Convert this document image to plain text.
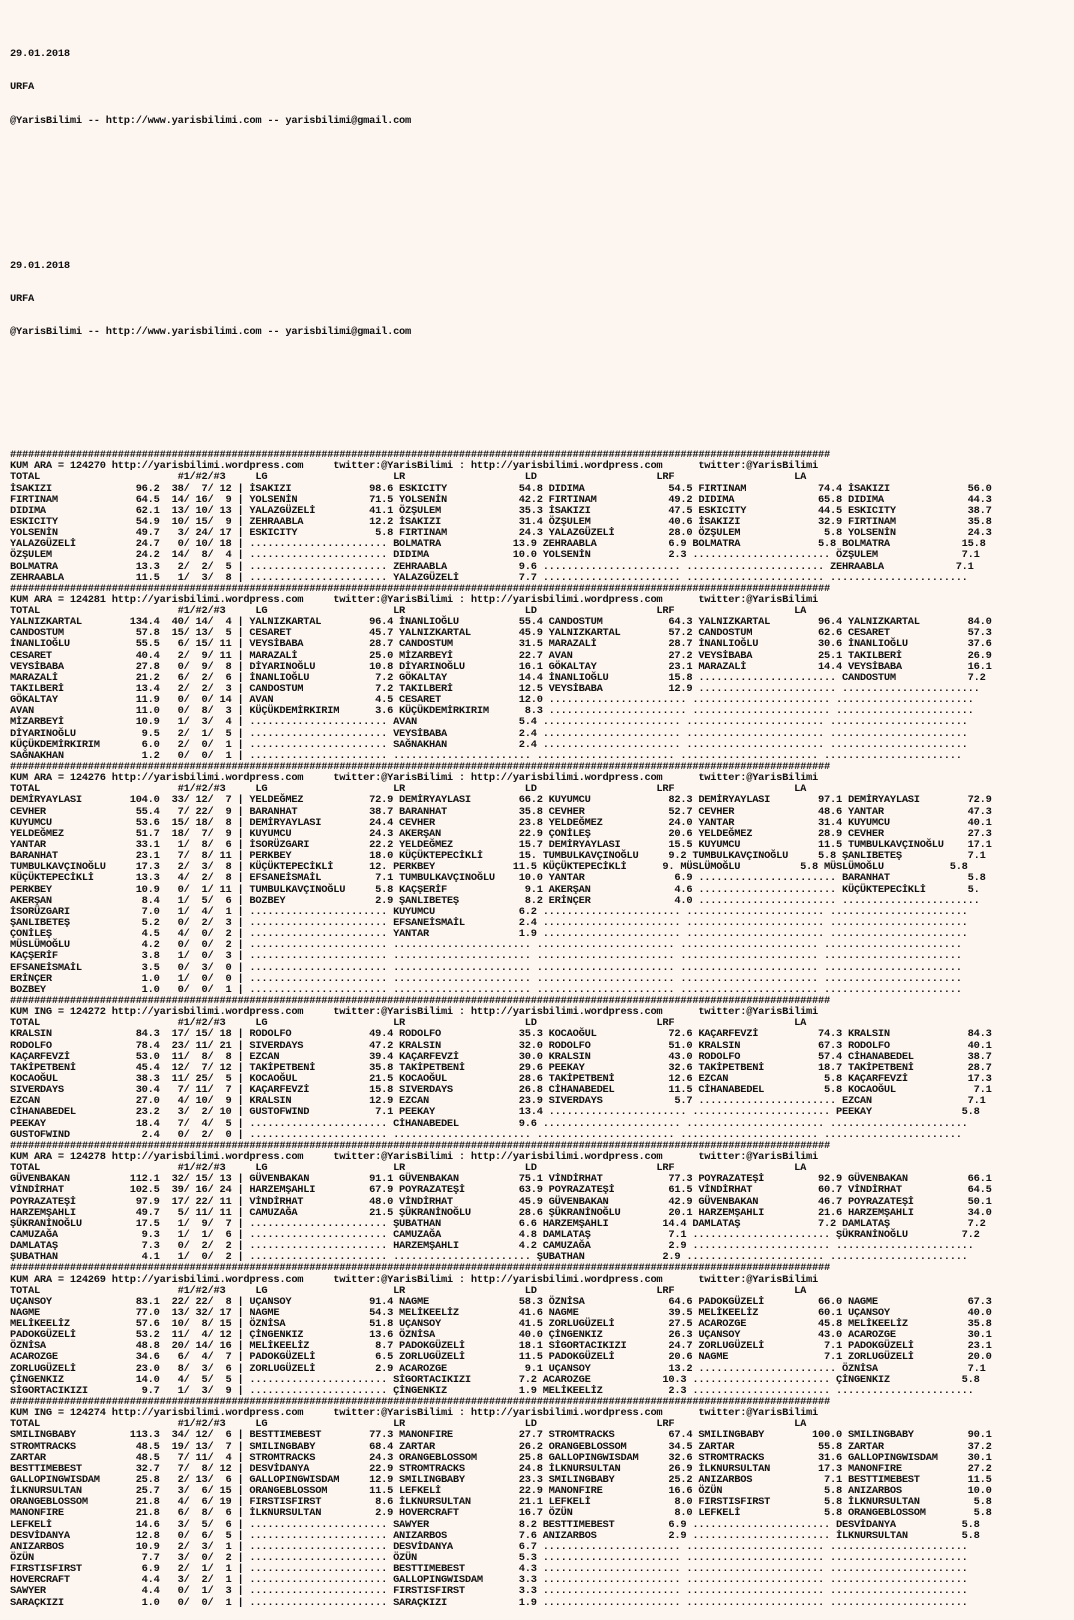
29.01.2018

URFA

@YarisBilimi -- http://www.yarisbilimi.com -- yarisbilimi@gmail.com

29.01.2018

URFA

@YarisBilimi -- http://www.yarisbilimi.com -- yarisbilimi@gmail.com

#########################################################################################################################################
KUM ARA = 124270 http://yarisbilimi.wordpress.com     twitter:@YarisBilimi : http://yarisbilimi.wordpress.com      twitter:@YarisBilimi
TOTAL                       #1/#2/#3     LG                     LR                    LD                    LRF                    LA
İSAKIZI              96.2  38/  7/ 12 | İSAKIZI             98.6 ESKICITY            54.8 DIDIMA              54.5 FIRTINAM            74.4 İSAKIZI             56.0
FIRTINAM             64.5  14/ 16/  9 | YOLSENİN            71.5 YOLSENİN            42.2 FIRTINAM            49.2 DIDIMA              65.8 DIDIMA              44.3
DIDIMA               62.1  13/ 10/ 13 | YALAZGÜZELİ         41.1 ÖZŞULEM             35.3 İSAKIZI             47.5 ESKICITY            44.5 ESKICITY            38.7
ESKICITY             54.9  10/ 15/  9 | ZEHRAABLA           12.2 İSAKIZI             31.4 ÖZŞULEM             40.6 İSAKIZI             32.9 FIRTINAM            35.8
YOLSENİN             49.7   3/ 24/ 17 | ESKICITY             5.8 FIRTINAM            24.3 YALAZGÜZELİ         28.0 ÖZŞULEM              5.8 YOLSENİN            24.3
YALAZGÜZELİ          24.7   0/ 10/ 18 | ....................... BOLMATRA            13.9 ZEHRAABLA            6.9 BOLMATRA             5.8 BOLMATRA            15.8
ÖZŞULEM              24.2  14/  8/  4 | ....................... DIDIMA              10.0 YOLSENİN             2.3 ....................... ÖZŞULEM              7.1
BOLMATRA             13.3   2/  2/  5 | ....................... ZEHRAABLA            9.6 ....................... ....................... ZEHRAABLA            7.1
ZEHRAABLA            11.5   1/  3/  8 | ....................... YALAZGÜZELİ          7.7 ....................... ....................... .......................
#########################################################################################################################################
KUM ARA = 124281 http://yarisbilimi.wordpress.com     twitter:@YarisBilimi : http://yarisbilimi.wordpress.com      twitter:@YarisBilimi
TOTAL                       #1/#2/#3     LG                     LR                    LD                    LRF                    LA
YALNIZKARTAL        134.4  40/ 14/  4 | YALNIZKARTAL        96.4 İNANLIOĞLU          55.4 CANDOSTUM           64.3 YALNIZKARTAL        96.4 YALNIZKARTAL        84.0
CANDOSTUM            57.8  15/ 13/  5 | CESARET             45.7 YALNIZKARTAL        45.9 YALNIZKARTAL        57.2 CANDOSTUM           62.6 CESARET             57.3
İNANLIOĞLU           55.5   6/ 15/ 11 | VEYSİBABA           28.7 CANDOSTUM           31.5 MARAZALİ            28.7 İNANLIOĞLU          30.6 İNANLIOĞLU          37.6
CESARET              40.4   2/  9/ 11 | MARAZALİ            25.0 MİZARBEYİ           22.7 AVAN                27.2 VEYSİBABA           25.1 TAKILBERİ           26.9
VEYSİBABA            27.8   0/  9/  8 | DİYARINOĞLU         10.8 DİYARINOĞLU         16.1 GÖKALTAY            23.1 MARAZALİ            14.4 VEYSİBABA           16.1
MARAZALİ             21.2   6/  2/  6 | İNANLIOĞLU           7.2 GÖKALTAY            14.4 İNANLIOĞLU          15.8 ....................... CANDOSTUM            7.2
TAKILBERİ            13.4   2/  2/  3 | CANDOSTUM            7.2 TAKILBERİ           12.5 VEYSİBABA           12.9 ....................... .......................
GÖKALTAY             11.9   0/  0/ 14 | AVAN                 4.5 CESARET             12.0 ....................... ....................... .......................
AVAN                 11.0   0/  8/  3 | KÜÇÜKDEMİRKIRIM      3.6 KÜÇÜKDEMİRKIRIM      8.3 ....................... ....................... .......................
MİZARBEYİ            10.9   1/  3/  4 | ....................... AVAN                 5.4 ....................... ....................... .......................
DİYARINOĞLU           9.5   2/  1/  5 | ....................... VEYSİBABA            2.4 ....................... ....................... .......................
KÜÇÜKDEMİRKIRIM       6.0   2/  0/  1 | ....................... SAĞNAKHAN            2.4 ....................... ....................... .......................
SAĞNAKHAN             1.2   0/  0/  1 | ....................... ....................... ....................... ....................... .......................
#########################################################################################################################################
KUM ARA = 124276 http://yarisbilimi.wordpress.com     twitter:@YarisBilimi : http://yarisbilimi.wordpress.com      twitter:@YarisBilimi
TOTAL                       #1/#2/#3     LG                     LR                    LD                    LRF                    LA
DEMİRYAYLASI        104.0  33/ 12/  7 | YELDEĞMEZ           72.9 DEMİRYAYLASI        66.2 KUYUMCU             82.3 DEMİRYAYLASI        97.1 DEMİRYAYLASI        72.9
CEVHER               55.4   7/ 22/  9 | BARANHAT            38.7 BARANHAT            35.8 CEVHER              52.7 CEVHER              48.6 YANTAR              47.3
KUYUMCU              53.6  15/ 18/  8 | DEMİRYAYLASI        24.4 CEVHER              23.8 YELDEĞMEZ           24.0 YANTAR              31.4 KUYUMCU             40.1
YELDEĞMEZ            51.7  18/  7/  9 | KUYUMCU             24.3 AKERŞAN             22.9 ÇONİLEŞ             20.6 YELDEĞMEZ           28.9 CEVHER              27.3
YANTAR               33.1   1/  8/  6 | İSORÜZGARI          22.2 YELDEĞMEZ           15.7 DEMİRYAYLASI        15.5 KUYUMCU             11.5 TUMBULKAVÇINOĞLU    17.1
BARANHAT             23.1   7/  8/ 11 | PERKBEY             18.0 KÜÇÜKTEPECİKLİ      15. TUMBULKAVÇINOĞLU     9.2 TUMBULKAVÇINOĞLU     5.8 ŞANLIBETEŞ           7.1
TUMBULKAVÇINOĞLU     17.3   2/  3/  8 | KÜÇÜKTEPECİKLİ      12. PERKBEY             11.5 KÜÇÜKTEPECİKLİ      9. MÜSLÜMOĞLU          5.8 MÜSLÜMOĞLU           5.8
KÜÇÜKTEPECİKLİ       13.3   4/  2/  8 | EFSANEİSMAİL         7.1 TUMBULKAVÇINOĞLU    10.0 YANTAR               6.9 ....................... BARANHAT             5.8
PERKBEY              10.9   0/  1/ 11 | TUMBULKAVÇINOĞLU     5.8 KAÇŞERİF             9.1 AKERŞAN              4.6 ....................... KÜÇÜKTEPECİKLİ       5.
AKERŞAN               8.4   1/  5/  6 | BOZBEY               2.9 ŞANLIBETEŞ           8.2 ERİNÇER              4.0 ....................... .......................
İSORÜZGARI            7.0   1/  4/  1 | ....................... KUYUMCU              6.2 ....................... ....................... .......................
ŞANLIBETEŞ            5.2   0/  2/  3 | ....................... EFSANEİSMAİL         2.4 ....................... ....................... .......................
ÇONİLEŞ               4.5   4/  0/  2 | ....................... YANTAR               1.9 ....................... ....................... .......................
MÜSLÜMOĞLU            4.2   0/  0/  2 | ....................... ....................... ....................... ....................... .......................
KAÇŞERİF              3.8   1/  0/  3 | ....................... ....................... ....................... ....................... .......................
EFSANEİSMAİL          3.5   0/  3/  0 | ....................... ....................... ....................... ....................... .......................
ERİNÇER               1.0   1/  0/  0 | ....................... ....................... ....................... ....................... .......................
BOZBEY                1.0   0/  0/  1 | ....................... ....................... ....................... ....................... .......................
#########################################################################################################################################
KUM ING = 124272 http://yarisbilimi.wordpress.com     twitter:@YarisBilimi : http://yarisbilimi.wordpress.com      twitter:@YarisBilimi
TOTAL                       #1/#2/#3     LG                     LR                    LD                    LRF                    LA
KRALSIN              84.3  17/ 15/ 18 | RODOLFO             49.4 RODOLFO             35.3 KOCAOĞUL            72.6 KAÇARFEVZİ          74.3 KRALSIN             84.3
RODOLFO              78.4  23/ 11/ 21 | SIVERDAYS           47.2 KRALSIN             32.0 RODOLFO             51.0 KRALSIN             67.3 RODOLFO             40.1
KAÇARFEVZİ           53.0  11/  8/  8 | EZCAN               39.4 KAÇARFEVZİ          30.0 KRALSIN             43.0 RODOLFO             57.4 CİHANABEDEL         38.7
TAKİPETBENİ          45.4  12/  7/ 12 | TAKİPETBENİ         35.8 TAKİPETBENİ         29.6 PEEKAY              32.6 TAKİPETBENİ         18.7 TAKİPETBENİ         28.7
KOCAOĞUL             38.3  11/ 25/  5 | KOCAOĞUL            21.5 KOCAOĞUL            28.6 TAKİPETBENİ         12.6 EZCAN                5.8 KAÇARFEVZİ          17.3
SIVERDAYS            30.4   7/ 11/  7 | KAÇARFEVZİ          15.8 SIVERDAYS           26.8 CİHANABEDEL         11.5 CİHANABEDEL          5.8 KOCAOĞUL             7.1
EZCAN                27.0   4/ 10/  9 | KRALSIN             12.9 EZCAN               23.9 SIVERDAYS            5.7 ....................... EZCAN                7.1
CİHANABEDEL          23.2   3/  2/ 10 | GUSTOFWIND           7.1 PEEKAY              13.4 ....................... ....................... PEEKAY               5.8
PEEKAY               18.4   7/  4/  5 | ....................... CİHANABEDEL          9.6 ....................... ....................... .......................
GUSTOFWIND            2.4   0/  2/  0 | ....................... ....................... ....................... ....................... .......................
#########################################################################################################################################
KUM ARA = 124278 http://yarisbilimi.wordpress.com     twitter:@YarisBilimi : http://yarisbilimi.wordpress.com      twitter:@YarisBilimi
TOTAL                       #1/#2/#3     LG                     LR                    LD                    LRF                    LA
GÜVENBAKAN          112.1  32/ 15/ 13 | GÜVENBAKAN          91.1 GÜVENBAKAN          75.1 VİNDİRHAT           77.3 POYRAZATEŞİ         92.9 GÜVENBAKAN          66.1
VİNDİRHAT           102.5  39/ 16/ 24 | HARZEMŞAHLI         67.9 POYRAZATEŞİ         63.9 POYRAZATEŞİ         61.5 VİNDİRHAT           60.7 VİNDİRHAT           64.5
POYRAZATEŞİ          97.9  17/ 22/ 11 | VİNDİRHAT           48.0 VİNDİRHAT           45.9 GÜVENBAKAN          42.9 GÜVENBAKAN          46.7 POYRAZATEŞİ         50.1
HARZEMŞAHLI          49.7   5/ 11/ 11 | CAMUZAĞA            21.5 ŞÜKRANİNOĞLU        28.6 ŞÜKRANİNOĞLU        20.1 HARZEMŞAHLI         21.6 HARZEMŞAHLI         34.0
ŞÜKRANİNOĞLU         17.5   1/  9/  7 | ....................... ŞUBATHAN             6.6 HARZEMŞAHLI         14.4 DAMLATAŞ             7.2 DAMLATAŞ             7.2
CAMUZAĞA              9.3   1/  1/  6 | ....................... CAMUZAĞA             4.8 DAMLATAŞ             7.1 ....................... ŞÜKRANİNOĞLU         7.2
DAMLATAŞ              7.3   0/  2/  2 | ....................... HARZEMŞAHLI          4.2 CAMUZAĞA             2.9 ....................... .......................
ŞUBATHAN              4.1   1/  0/  2 | ....................... ....................... ŞUBATHAN             2.9 ....................... .......................
#########################################################################################################################################
KUM ARA = 124269 http://yarisbilimi.wordpress.com     twitter:@YarisBilimi : http://yarisbilimi.wordpress.com      twitter:@YarisBilimi
TOTAL                       #1/#2/#3     LG                     LR                    LD                    LRF                    LA
UÇANSOY              83.1  22/ 22/  8 | UÇANSOY             91.4 NAGME               58.3 ÖZNİSA              64.6 PADOKGÜZELİ         66.0 NAGME               67.3
NAGME                77.0  13/ 32/ 17 | NAGME               54.3 MELİKEELİZ          41.6 NAGME               39.5 MELİKEELİZ          60.1 UÇANSOY             40.0
MELİKEELİZ           57.6  10/  8/ 15 | ÖZNİSA              51.8 UÇANSOY             41.5 ZORLUGÜZELİ         27.5 ACAROZGE            45.8 MELİKEELİZ          35.8
PADOKGÜZELİ          53.2  11/  4/ 12 | ÇİNGENKIZ           13.6 ÖZNİSA              40.0 ÇİNGENKIZ           26.3 UÇANSOY             43.0 ACAROZGE            30.1
ÖZNİSA               48.8  20/ 14/ 16 | MELİKEELİZ           8.7 PADOKGÜZELİ         18.1 SİGORTACIKIZI       24.7 ZORLUGÜZELİ          7.1 PADOKGÜZELİ         23.1
ACAROZGE             34.6   6/  4/  7 | PADOKGÜZELİ          6.5 ZORLUGÜZELİ         11.5 PADOKGÜZELİ         20.6 NAGME                7.1 ZORLUGÜZELİ         20.0
ZORLUGÜZELİ          23.0   8/  3/  6 | ZORLUGÜZELİ          2.9 ACAROZGE             9.1 UÇANSOY             13.2 ....................... ÖZNİSA               7.1
ÇİNGENKIZ            14.0   4/  5/  5 | ....................... SİGORTACIKIZI        7.2 ACAROZGE            10.3 ....................... ÇİNGENKIZ            5.8
SİGORTACIKIZI         9.7   1/  3/  9 | ....................... ÇİNGENKIZ            1.9 MELİKEELİZ           2.3 ....................... .......................
#########################################################################################################################################
KUM ING = 124274 http://yarisbilimi.wordpress.com     twitter:@YarisBilimi : http://yarisbilimi.wordpress.com      twitter:@YarisBilimi
TOTAL                       #1/#2/#3     LG                     LR                    LD                    LRF                    LA
SMILINGBABY         113.3  34/ 12/  6 | BESTTIMEBEST        77.3 MANONFIRE           27.7 STROMTRACKS         67.4 SMILINGBABY        100.0 SMILINGBABY         90.1
STROMTRACKS          48.5  19/ 13/  7 | SMILINGBABY         68.4 ZARTAR              26.2 ORANGEBLOSSOM       34.5 ZARTAR              55.8 ZARTAR              37.2
ZARTAR               48.5   7/ 11/  4 | STROMTRACKS         24.3 ORANGEBLOSSOM       25.8 GALLOPINGWISDAM     32.6 STROMTRACKS         31.6 GALLOPINGWISDAM     30.1
BESTTIMEBEST         32.7   7/  8/ 12 | DESVİDANYA          22.9 STROMTRACKS         24.8 İLKNURSULTAN        26.9 İLKNURSULTAN        17.3 MANONFIRE           27.2
GALLOPINGWISDAM      25.8   2/ 13/  6 | GALLOPINGWISDAM     12.9 SMILINGBABY         23.3 SMILINGBABY         25.2 ANIZARBOS            7.1 BESTTIMEBEST        11.5
İLKNURSULTAN         25.7   3/  6/ 15 | ORANGEBLOSSOM       11.5 LEFKELİ             22.9 MANONFIRE           16.6 ÖZÜN                 5.8 ANIZARBOS           10.0
ORANGEBLOSSOM        21.8   4/  6/ 19 | FIRSTISFIRST         8.6 İLKNURSULTAN        21.1 LEFKELİ              8.0 FIRSTISFIRST         5.8 İLKNURSULTAN         5.8
MANONFIRE            21.8   6/  8/  6 | İLKNURSULTAN         2.9 HOVERCRAFT          16.7 ÖZÜN                 8.0 LEFKELİ              5.8 ORANGEBLOSSOM        5.8
LEFKELİ              14.6   3/  5/  6 | ....................... SAWYER               8.2 BESTTIMEBEST         6.9 ....................... DESVİDANYA           5.8
DESVİDANYA           12.8   0/  6/  5 | ....................... ANIZARBOS            7.6 ANIZARBOS            2.9 ....................... İLKNURSULTAN         5.8
ANIZARBOS            10.9   2/  3/  1 | ....................... DESVİDANYA           6.7 ....................... ....................... .......................
ÖZÜN                  7.7   3/  0/  2 | ....................... ÖZÜN                 5.3 ....................... ....................... .......................
FIRSTISFIRST          6.9   2/  1/  1 | ....................... BESTTIMEBEST         4.3 ....................... ....................... .......................
HOVERCRAFT            4.4   3/  2/  1 | ....................... GALLOPINGWISDAM      3.3 ....................... ....................... .......................
SAWYER                4.4   0/  1/  3 | ....................... FIRSTISFIRST         3.3 ....................... ....................... .......................
SARAÇKIZI             1.0   0/  0/  1 | ....................... SARAÇKIZI            1.9 ....................... ....................... .......................
